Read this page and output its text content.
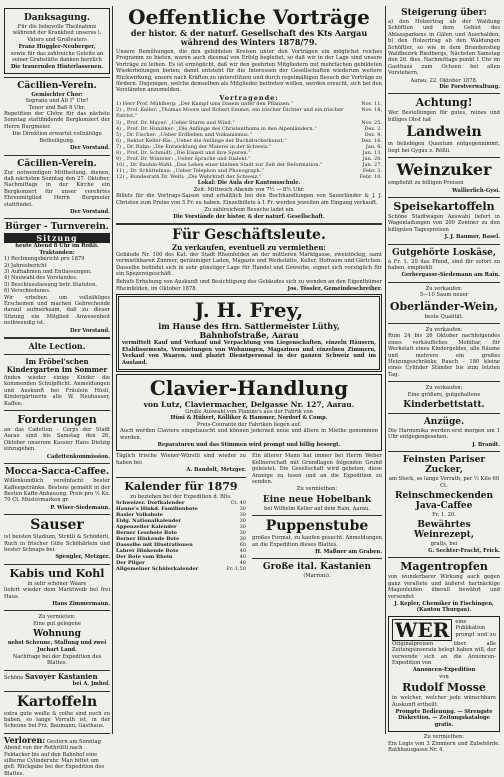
Danksagung.
Für die liebevolle Theilnahme während der Krankheit unseres l. Vaters und Großvaters
Franz Huggler-Neuberger,
sowie für das zahlreiche Geleite an seiner Grabstätte danken herzlich
Die trauernden Hinterlassenen.
Cäcilien-Verein.
Gemischter Chor:
Soprano und Alt I° Uhr!
Tenor und Baß 8 Uhr.
Repetition der Chöre für das nächste Sonntag stattfindende Bergkonzert der Herrn Burgmeier.
Die Direktion erwartet vollzählige Betheiligung.
Der Vorstand.
Cäcilien-Verein.
Zur notwendigen Mittheilung, dienen, daß nächsten Sonntag den 27. Oktober, Nachmittags in der Kirche ein Bergkonzert für unser verehrtes Ehrenmitglied Herrn Burgmeier stattfindet.
Der Vorstand.
Bürger - Turnverein.
Sitzung
heute Abend 8 Uhr im Rößli.
Traktanden:
1) Rechnungsbericht pro 1879
2) Jahresbericht
3) Aufnahmen und Entlassungen.
4) Neuwahl des Vorstandes.
5) Beschlussfassung betr. Statuten.
6) Verschiedenes.
Wir erheben um vollzähliges Erscheinen und machen Gebrechende darauf aufmerksam, daß zu dieser Sitzung ein Mitglied Anwesenheit nothwendig ist.
Der Vorstand.
Alte Lection.
Im Fröbel'schen Kindergarten im Sommer
finden wieder einige Kinder die kommenden Schulpflicht. Anmeldungen und Auskunft bei Fräulein Hüsli, Kindergärtnerin alle W. Neuhauser, Kaffee.
Forderungen
an das Cadetten - Corps der Stadt Aarau sind bis Samstag den 26. Oktober unserem Kassier Hans Dietzig einzugeben.
Cadettenkommission.
Mocca-Sacca-Caffee.
Willenkundlich vereinfacht bester Kaffeegetränke. Bestens gemahlt in der Besten Kaffe-Anbauung. Preis pro ½ Ko. 70 Ct. Mustermarken gr.
P. Wiser-Siedemann.
Sauser
ist beisten Stadium, Strütli & Schöderli, Ruch in frischer Güte Schöhärlein und bester Schnaps bei
Spengler, Metzger.
Kabis und Kohl
in sehr schöner Waare
liefert wieder dem Marktweib bei frei Haus.
Hans Zimmermann.
Zu vermieten:
Eine gut gelegene
Wohnung
nebst Scheune, Stallung und zwei Juchart Land.
Nachfrage bei der Expedition des Blattes.
Schöne Savoyer Kastanien
bei A. Jmhof.
Kartoffeln
extra gute weiße & rothe sind noch zu haben, so lange Vorrath ist, in der Scheune bei Frz. Baumann, Gasthaus.
Verloren: Gestern am Sonntag Abend von der Rothrütti nach Feldacker bis auf den Bahnhof eine silberne Cylinderuhr. Man bittet um gefl. Rückgabe bei der Expedition des Blattes.
Oeffentliche Vorträge
der histor. & der naturf. Gesellschaft des Kts Aargau
während des Winters 1878/79.
Unsere Bemühungen, die den gebildeten Kreisen unter den Vorträgen ein möglichst reiches Programm zu bieten, waren auch diesmal von Erfolg begleitet, so daß wir in der Lage sind unsere Vorträge zu leihen. Es ist ermöglicht, daß wir den geehrten Mitgliedern mit mehrfachen gebildeten Wiederholungen bieten; damit entsteht für die Interessen der Gesellschaften wiederum weitere Rückwirkung, unsere nach Kräften zu unterstützen und durch regelmäßigen Besuch der Vorträge zu fördern. Diejenigen, welche demselben als Mitglieder beitreten wollen, werden ersucht, sich bei den Vorständen anzumelden.
Vortragende:
1) Herr Prof. Mühlberg: „Der Kampf ums Dasein unter den Pflanzen.“	Nov. 11.
2) „ Prof. Keller: „Thomas Moore und Robert Emmet, ein irischer Dichter und ein irischer Patriot.“
Nov. 18.
3) „ Prof. Dr. Mayer: „Ueber Sturm und Wind.“	Nov. 25.
4) „ Prof. Dr. Hunziker: „Die Anfänge des Christenthums in den Alpenländern.“	Dez. 2.
5) „ Dr. Fischer: „Ueber Erdbeben und Vulkanismus.“	Dez. 9.
6) „ Rektor Keller-Ris: „Ueber die Anfänge der Buchdruckerkunst.“	Dez. 16.
7) „ Dr. Rahn: „Die Entwicklung der Malerei in der Schweiz.“	Jan. 6.
8) „ Prof. Dr. Schmidt: „Die Eiszeit und ihre Spuren.“	Jan. 13.
9) „ Prof. Dr. Winteler: „Ueber Sprache und Dialekt.“	Jan. 20.
10) „ Dr. Bauhin-Wahl: „Das Leben einer kleinen Stadt zur Zeit der Reformation.“	Jan. 27.
11) „ Dr. Schüttelnau: „Ueber Telephon und Phonograph.“	Febr. 3.
12) „ Bundesrath Dr. Welti: „Die Wehrkraft der Schweiz.“	Febr. 10.
Lokal: Die Aula der Kantonsschule.
Zeit: Mittwoch Abends von 7½ — 8½ Uhr.
Billets für die Vortrags-Saison sind erhältlich bei den Buchhandlungen von Sauerländer & J. J. Christen zum Preise von 5 Fr. zu haben. Einzelbillete à 1 Fr. werden jeweilen am Eingang verkauft.
Zu zahlreichem Besuche ladet ein
Die Vorstände der histor. & der naturf. Gesellschaft.
Für Geschäftsleute.
Zu verkaufen, eventuell zu vermiethen:
Gebäude Nr. 100 des Kat. der Stadt Rheinfelden an der mittleren Marktgasse, zweistöckig, samt vermiethbaren Zimmer, geräumiger Laden, Magazin und Werkstätte, Keller, Hofraum und Gärtchen. Dasselbe befindet sich in sehr günstiger Lage für Handel und Gewerbe, eignet sich vorzüglich für ein Spezereigeschäft.
Behufs Erhebung von Auskunft und Besichtigung des Gebäudes sich zu wenden an den Eigenthümer
Rheinfelden, im Oktober 1878.	Jos. Tössler, Gemeindeschreiber.
J. H. Frey,
im Hause des Hrn. Sattlermeister Lüthy,
Bahnhofstraße, Aarau
vermittelt Kauf und Verkauf und Verpachtung von Liegenschaften, einzeln Häusern, Etablissements, Vermietungen von Wohnungen, Magazinen und einzelnen Zimmern, Verkauf von Waaren, und plazirt Dienstpersonal in der ganzen Schweiz und im Ausland.
Clavier-Handlung
von Lutz, Claviermacher, Delgasse Nr. 127, Aarau.
Große Auswahl von Pianino's aus der Fabrik von
Hüni & Hübert, Kölliker & Hammer, Nordorf & Comp.
Preis-Courante der Fabriken liegen auf.
Auch werden Claviere eingetauscht und können jederzeit neue und ältere in Miethe genommen werden.
Reparaturen und das Stimmen wird prompt und billig besorgt.
Täglich frische Wiener-Würstli sind wieder zu haben bei
A. Bandolt, Metzger.
Kalender für 1879
zu beziehen bei der Expedition d. Blts.
Schweizer. Dorfkalender	Ct. 40
Hanne's Hinkd. Familienbote	30
Basler Volksbote	30
Eidg. Nationalkalender	30
Appenzeller Kalender	30
Berner Lesebote Bote	30
Berner Hinkende Bote	30
Dasselbe mit Illustrationen	60
Lahrer Hinkende Bote	40
Der Bote vom Rhein	40
Der Pilger	40
Allgemeiner Schülerkalender	Fr. 1.50
Ein älterer Mann hat immer bei Herrn Weber Kellnerschaft mit Grundlagen folgenden Grund geleistet. Die Gesellschaft wird gebeten, diese Anzeige zu lesen und an die Expedition zu senden.
Zu vermiethen:
Eine neue Hobelbank
bei Wilhelm Keller auf dem Rain, Aarau.
Puppenstube
großes Format, zu kaufen gesucht. Anmeldungen an die Expedition dieses Blattes.
H. Maßner am Graben.
Große ital. Kastanien
(Marroni).
Steigerung über:
a) den Holzertrag ab der Waldung Schöftlen und dem Gebiet des Ablassparkens in Gälen und Auerhalden, b) den Holzertrag ab den Waldungen Schöftler, so wie in dem Brandenstieg Waldbezirk Riedbergs, Nächsten Samstag den 26. dies, Nachmittags punkt 1 Uhr im Gasthaus zum Ochsen bei allen Vorstehern.
Aarau, 22. Oktober 1878.
Die Forstverwaltung.
Achtung!
Wer Bestellungen für gutes, reines und billiges Obst hat
Landwein
in beliebigen Quantum entgegennimmt, liegt bei Gygax z. Rößli.
Weinzuker
empfiehlt zu billigen Preisen
Wallierlich-Gysi.
Speisekartoffeln
Schöne Stadtwagen Auswahl liefert in Wagenladungen von 200 Zentner zu den billigsten Tagespreisen
J. J. Baumer, Basel.
Gutgehörte Loskäse,
à Fr. 1. 20 das Pfund, sind für sofort zu haben, empfiehlt
Gerbergasse-Siedemann am Rain.
Zu verkaufen:
5—10 Saum neuer
Oberländer-Wein,
beste Qualität.
Zu verkaufen:
Rum 24 bis 26 Oktober nachfolgendes eines verkäufliches Mobiliar, für Werkstatt eines Kindergeldes, alle Räume und mehrere ein großes Heizungsschränke Rauch - 180 kleine eines Cylinder Ständer bis zum letzten Tag.
Zu verkaufen:
Eine größere, gutgehaltene
Kinderbettstatt.
Anzüge.
Die Harmonika werden erst morgen um 1 Uhr entgegengesehen.
J. Brandt.
Feinsten Pariser Zucker,
am Stock, so lange Vorrath, per ½ Kilo 60 Ct.
Reinschmeckenden Java-Caffee
Fr. 1. 20.
Bewährtes Weinrezept,
gratis, bei
G. Sechter-Fracht, Frick.
Magentropfen
von wunderbarer Wirkung auch gegen ganz veraltete und äußerst hartnäckige Magenleiden überall bewährt und versendet
J. Kepler, Chemiker in Fischingen, (Kanton Thurgau).
WER	eine Publikation prompt und zu Originalpreisen über alle Zeitungsinserate belegt haben will, der verwende sich an die Annoncen-Expedition von
Annoncen-Expedition
von
Rudolf Mosse
in welcher, welcher jede wünschbare Auskunft ertheilt.
Prompte Bedienung. — Strengste Diskretion. — Zeitungskataloge gratis.
Zu vermiethen:
Ein Logis von 3 Zimmern und Zubehörde. Rathhausgasse Nr. 4.
